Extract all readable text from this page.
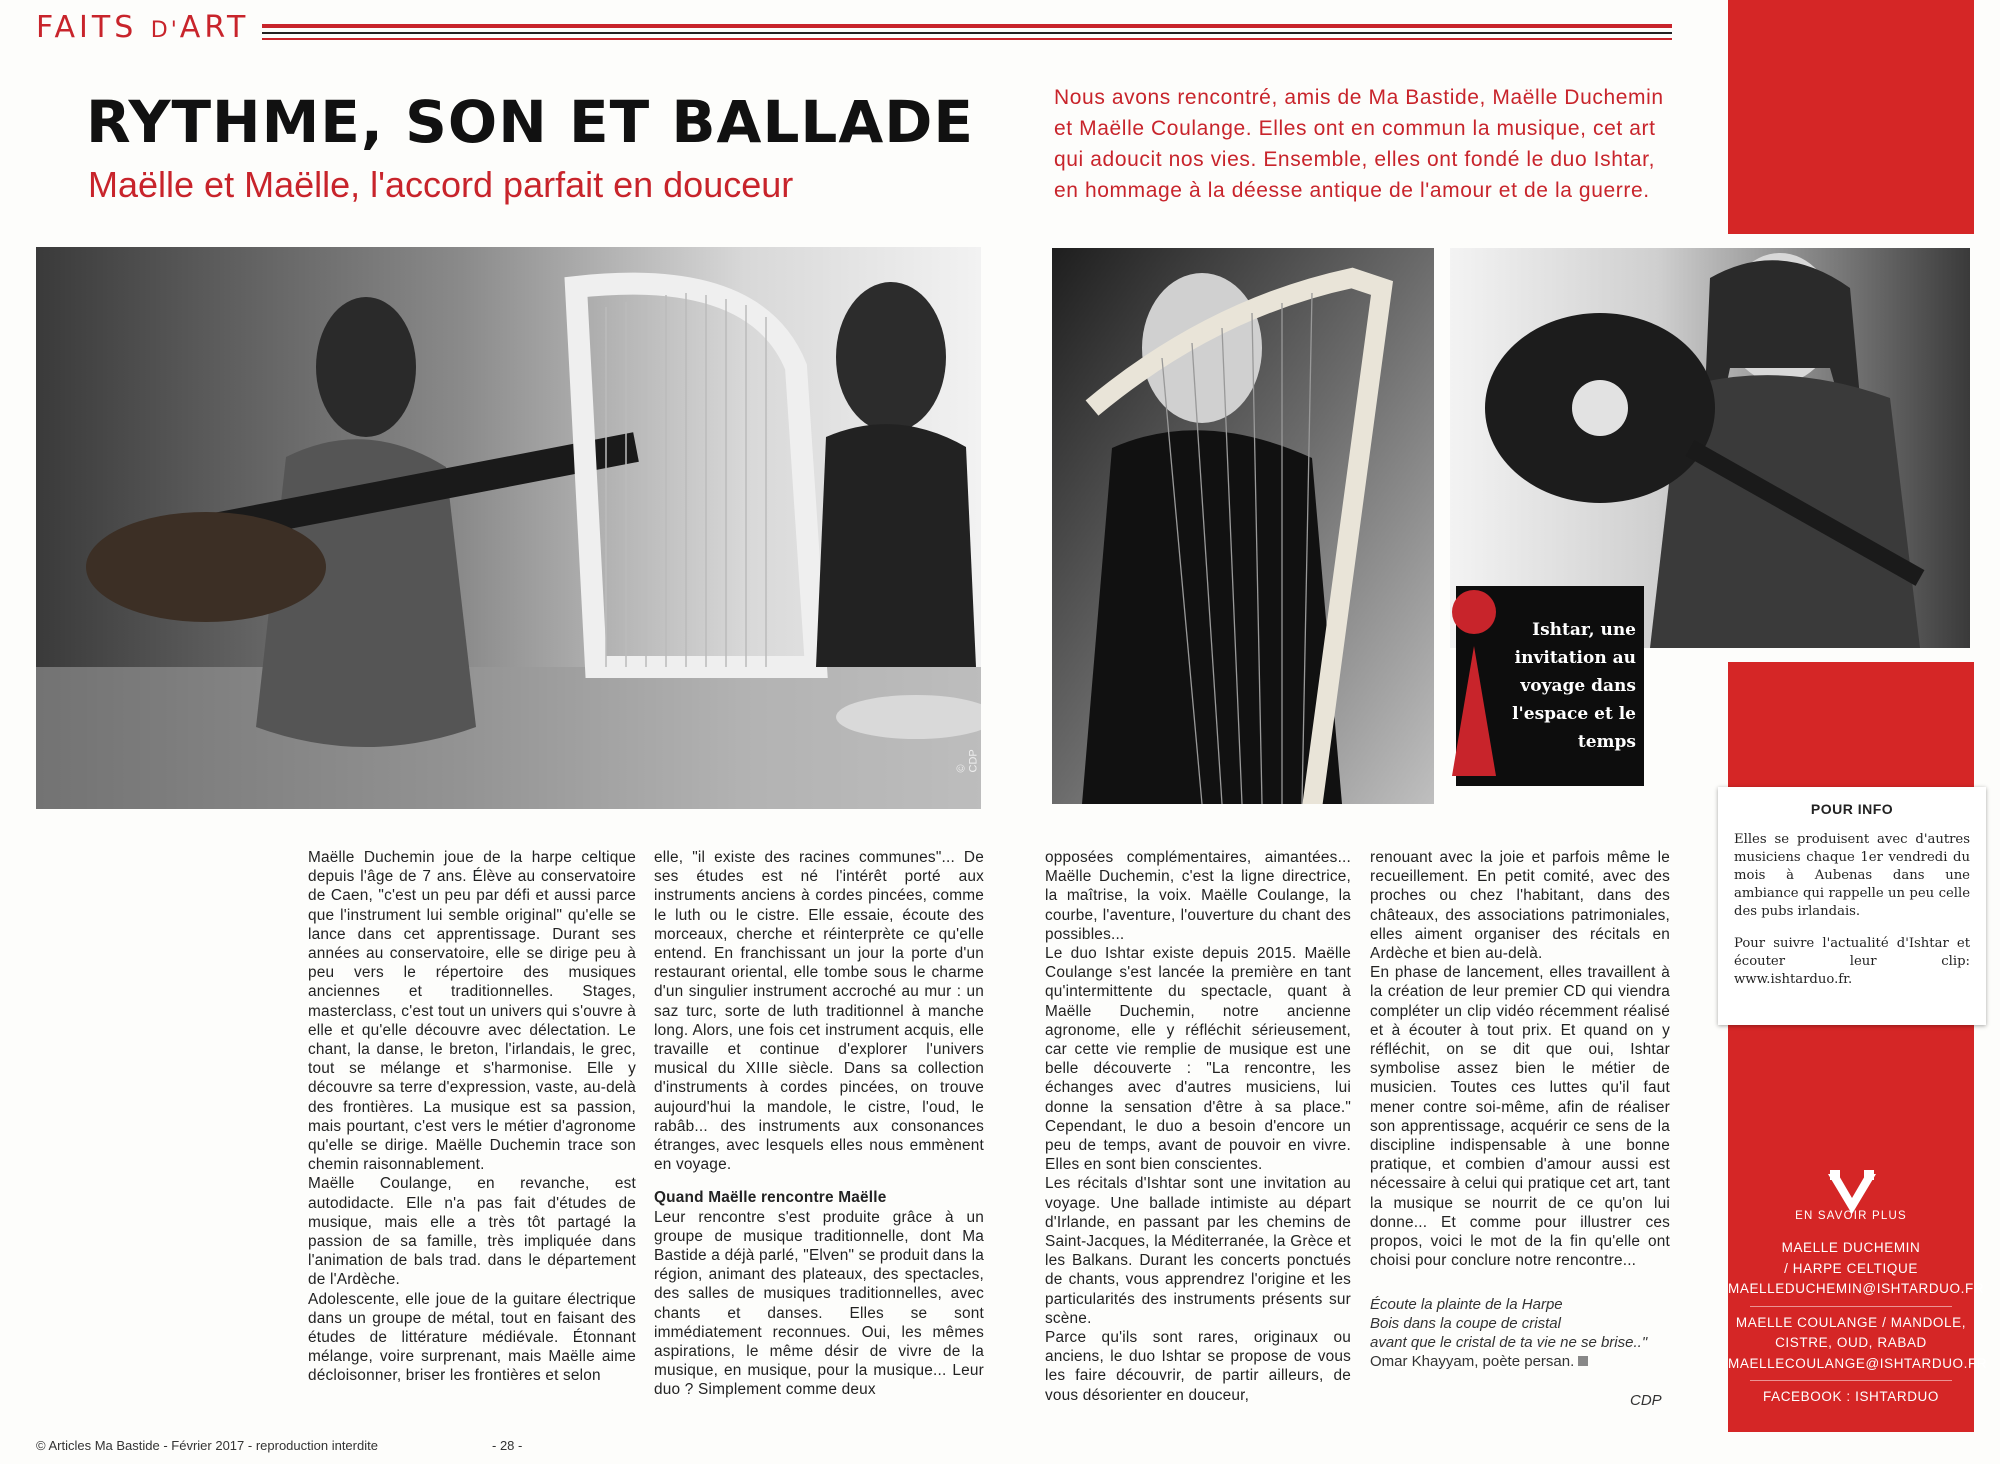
FAITS D'ART
RYTHME, SON ET BALLADE
Maëlle et Maëlle, l'accord parfait en douceur
Nous avons rencontré, amis de Ma Bastide, Maëlle Duchemin et Maëlle Coulange. Elles ont en commun la musique, cet art qui adoucit nos vies. Ensemble, elles ont fondé le duo Ishtar, en hommage à la déesse antique de l'amour et de la guerre.
© CDP
Ishtar, une invitation au voyage dans l'espace et le temps

Maëlle Duchemin joue de la harpe celtique depuis l'âge de 7 ans. Élève au conservatoire de Caen, "c'est un peu par défi et aussi parce que l'instrument lui semble original" qu'elle se lance dans cet apprentissage. Durant ses années au conservatoire, elle se dirige peu à peu vers le répertoire des musiques anciennes et traditionnelles. Stages, masterclass, c'est tout un univers qui s'ouvre à elle et qu'elle découvre avec délectation. Le chant, la danse, le breton, l'irlandais, le grec, tout se mélange et s'harmonise. Elle y découvre sa terre d'expression, vaste, au-delà des frontières. La musique est sa passion, mais pourtant, c'est vers le métier d'agronome qu'elle se dirige. Maëlle Duchemin trace son chemin raisonnablement.

Maëlle Coulange, en revanche, est autodidacte. Elle n'a pas fait d'études de musique, mais elle a très tôt partagé la passion de sa famille, très impliquée dans l'animation de bals trad. dans le département de l'Ardèche.

Adolescente, elle joue de la guitare électrique dans un groupe de métal, tout en faisant des études de littérature médiévale. Étonnant mélange, voire surprenant, mais Maëlle aime décloisonner, briser les frontières et selon

elle, "il existe des racines communes"... De ses études est né l'intérêt porté aux instruments anciens à cordes pincées, comme le luth ou le cistre. Elle essaie, écoute des morceaux, cherche et réinterprète ce qu'elle entend. En franchissant un jour la porte d'un restaurant oriental, elle tombe sous le charme d'un singulier instrument accroché au mur : un saz turc, sorte de luth traditionnel à manche long. Alors, une fois cet instrument acquis, elle travaille et continue d'explorer l'univers musical du XIIIe siècle. Dans sa collection d'instruments à cordes pincées, on trouve aujourd'hui la mandole, le cistre, l'oud, le rabâb... des instruments aux consonances étranges, avec lesquels elles nous emmènent en voyage.

Quand Maëlle rencontre Maëlle

Leur rencontre s'est produite grâce à un groupe de musique traditionnelle, dont Ma Bastide a déjà parlé, "Elven" se produit dans la région, animant des plateaux, des spectacles, des salles de musiques traditionnelles, avec chants et danses. Elles se sont immédiatement reconnues. Oui, les mêmes aspirations, le même désir de vivre de la musique, en musique, pour la musique... Leur duo ? Simplement comme deux

opposées complémentaires, aimantées... Maëlle Duchemin, c'est la ligne directrice, la maîtrise, la voix. Maëlle Coulange, la courbe, l'aventure, l'ouverture du chant des possibles...

Le duo Ishtar existe depuis 2015. Maëlle Coulange s'est lancée la première en tant qu'intermittente du spectacle, quant à Maëlle Duchemin, notre ancienne agronome, elle y réfléchit sérieusement, car cette vie remplie de musique est une belle découverte : "La rencontre, les échanges avec d'autres musiciens, lui donne la sensation d'être à sa place." Cependant, le duo a besoin d'encore un peu de temps, avant de pouvoir en vivre. Elles en sont bien conscientes.

Les récitals d'Ishtar sont une invitation au voyage. Une ballade intimiste au départ d'Irlande, en passant par les chemins de Saint-Jacques, la Méditerranée, la Grèce et les Balkans. Durant les concerts ponctués de chants, vous apprendrez l'origine et les particularités des instruments présents sur scène.

Parce qu'ils sont rares, originaux ou anciens, le duo Ishtar se propose de vous les faire découvrir, de partir ailleurs, de vous désorienter en douceur,

renouant avec la joie et parfois même le recueillement. En petit comité, avec des proches ou chez l'habitant, dans des châteaux, des associations patrimoniales, elles aiment organiser des récitals en Ardèche et bien au-delà.

En phase de lancement, elles travaillent à la création de leur premier CD qui viendra compléter un clip vidéo récemment réalisé et à écouter à tout prix. Et quand on y réfléchit, on se dit que oui, Ishtar symbolise assez bien le métier de musicien. Toutes ces luttes qu'il faut mener contre soi-même, afin de réaliser son apprentissage, acquérir ce sens de la discipline indispensable à une bonne pratique, et combien d'amour aussi est nécessaire à celui qui pratique cet art, tant la musique se nourrit de ce qu'on lui donne... Et comme pour illustrer ces propos, voici le mot de la fin qu'elle ont choisi pour conclure notre rencontre...

Écoute la plainte de la Harpe
Bois dans la coupe de cristal
avant que le cristal de ta vie ne se brise.."
Omar Khayyam, poète persan.
CDP
POUR INFO

Elles se produisent avec d'autres musiciens chaque 1er vendredi du mois à Aubenas dans une ambiance qui rappelle un peu celle des pubs irlandais.

Pour suivre l'actualité d'Ishtar et écouter leur clip: www.ishtarduo.fr.

EN SAVOIR PLUS
MAELLE DUCHEMIN
/ HARPE CELTIQUE
MAELLEDUCHEMIN@ISHTARDUO.FR
MAELLE COULANGE / MANDOLE,
CISTRE, OUD, RABAD
MAELLECOULANGE@ISHTARDUO.FR
FACEBOOK : ISHTARDUO
© Articles Ma Bastide - Février 2017 - reproduction interdite	- 28 -
